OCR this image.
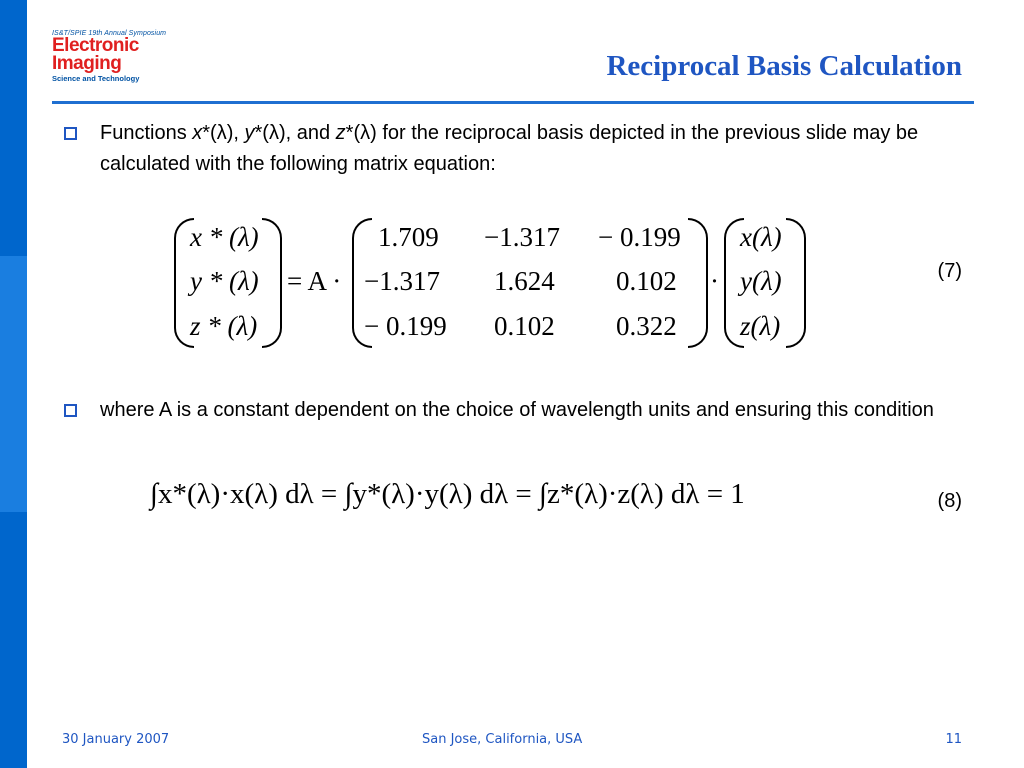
IS&T/SPIE 19th Annual Symposium
Electronic
Imaging
Science and Technology	Reciprocal Basis Calculation
Functions x*(λ), y*(λ), and z*(λ) for the reciprocal basis depicted in the previous slide may be calculated with the following matrix equation:
x * (λ)
y * (λ)
z * (λ)
= A ·
1.709 −1.317 − 0.199
−1.317 1.624 0.102
− 0.199 0.102 0.322
·
x(λ)
y(λ)
z(λ)
(7)
where A is a constant dependent on the choice of wavelength units and ensuring this condition
∫x*(λ)·x(λ) dλ = ∫y*(λ)·y(λ) dλ = ∫z*(λ)·z(λ) dλ = 1	(8)
30 January 2007	San Jose, California, USA	11
